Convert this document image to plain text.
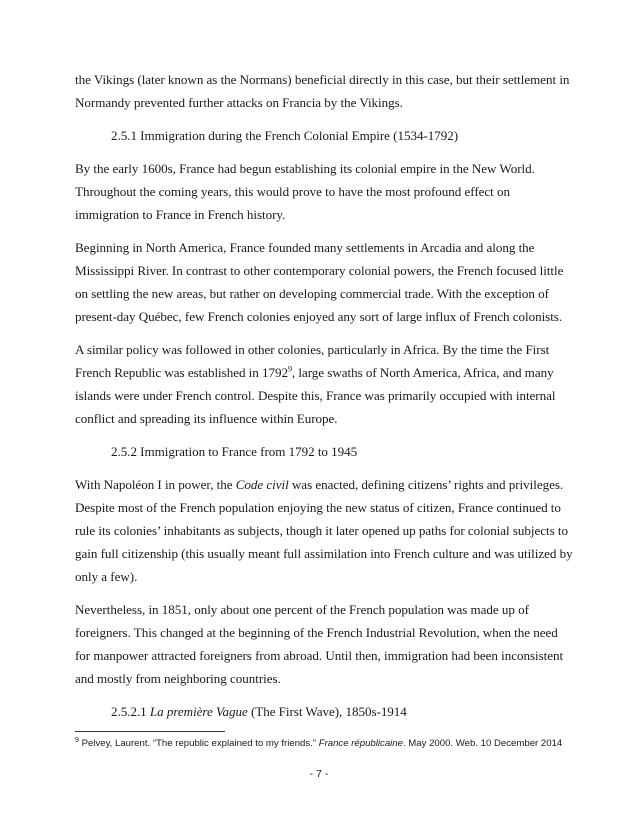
the Vikings (later known as the Normans) beneficial directly in this case, but their settlement in Normandy prevented further attacks on Francia by the Vikings.

2.5.1 Immigration during the French Colonial Empire (1534-1792)

By the early 1600s, France had begun establishing its colonial empire in the New World. Throughout the coming years, this would prove to have the most profound effect on immigration to France in French history.

Beginning in North America, France founded many settlements in Arcadia and along the Mississippi River. In contrast to other contemporary colonial powers, the French focused little on settling the new areas, but rather on developing commercial trade. With the exception of present-day Québec, few French colonies enjoyed any sort of large influx of French colonists.

A similar policy was followed in other colonies, particularly in Africa. By the time the First French Republic was established in 1792$^9$, large swaths of North America, Africa, and many islands were under French control. Despite this, France was primarily occupied with internal conflict and spreading its influence within Europe.

2.5.2 Immigration to France from 1792 to 1945

With Napoléon I in power, the Code civil was enacted, defining citizens’ rights and privileges. Despite most of the French population enjoying the new status of citizen, France continued to rule its colonies’ inhabitants as subjects, though it later opened up paths for colonial subjects to gain full citizenship (this usually meant full assimilation into French culture and was utilized by only a few).

Nevertheless, in 1851, only about one percent of the French population was made up of foreigners. This changed at the beginning of the French Industrial Revolution, when the need for manpower attracted foreigners from abroad. Until then, immigration had been inconsistent and mostly from neighboring countries.

2.5.2.1 La première Vague (The First Wave), 1850s-1914

$^9$ Pelvey, Laurent. “The republic explained to my friends.” France républicaine. May 2000. Web. 10 December 2014
- 7 -
